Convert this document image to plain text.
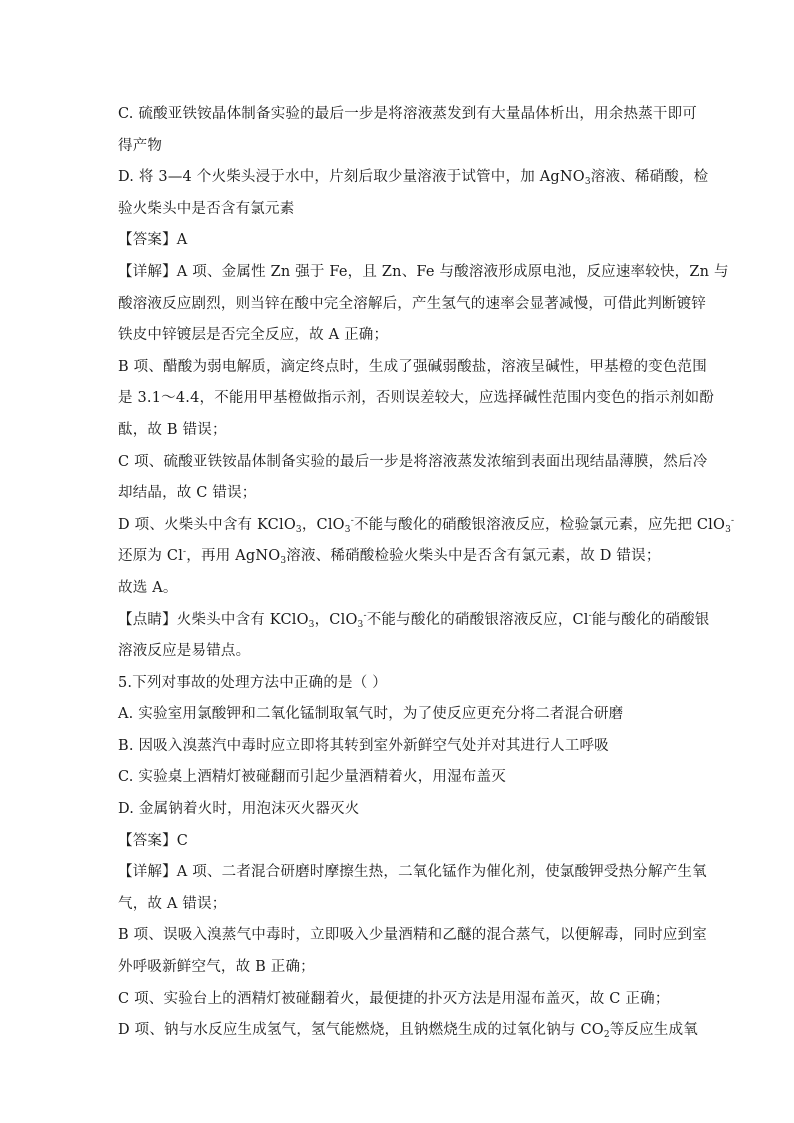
C. 硫酸亚铁铵晶体制备实验的最后一步是将溶液蒸发到有大量晶体析出，用余热蒸干即可
得产物
D. 将 3—4 个火柴头浸于水中，片刻后取少量溶液于试管中，加 AgNO$_3$溶液、稀硝酸，检
验火柴头中是否含有氯元素
【答案】A
【详解】A 项、金属性 Zn 强于 Fe，且 Zn、Fe 与酸溶液形成原电池，反应速率较快，Zn 与
酸溶液反应剧烈，则当锌在酸中完全溶解后，产生氢气的速率会显著减慢，可借此判断镀锌
铁皮中锌镀层是否完全反应，故 A 正确；
B 项、醋酸为弱电解质，滴定终点时，生成了强碱弱酸盐，溶液呈碱性，甲基橙的变色范围
是 3.1～4.4，不能用甲基橙做指示剂，否则误差较大，应选择碱性范围内变色的指示剂如酚
酞，故 B 错误；
C 项、硫酸亚铁铵晶体制备实验的最后一步是将溶液蒸发浓缩到表面出现结晶薄膜，然后冷
却结晶，故 C 错误；
D 项、火柴头中含有 KClO$_3$，ClO$_3$-不能与酸化的硝酸银溶液反应，检验氯元素，应先把 ClO$_3$-
还原为 Cl-，再用 AgNO$_3$溶液、稀硝酸检验火柴头中是否含有氯元素，故 D 错误；
故选 A。
【点睛】火柴头中含有 KClO$_3$，ClO$_3$-不能与酸化的硝酸银溶液反应，Cl-能与酸化的硝酸银
溶液反应是易错点。
5.下列对事故的处理方法中正确的是（ ）
A. 实验室用氯酸钾和二氧化锰制取氧气时，为了使反应更充分将二者混合研磨
B. 因吸入溴蒸汽中毒时应立即将其转到室外新鲜空气处并对其进行人工呼吸
C. 实验桌上酒精灯被碰翻而引起少量酒精着火，用湿布盖灭
D. 金属钠着火时，用泡沫灭火器灭火
【答案】C
【详解】A 项、二者混合研磨时摩擦生热，二氧化锰作为催化剂，使氯酸钾受热分解产生氧
气，故 A 错误；
B 项、误吸入溴蒸气中毒时，立即吸入少量酒精和乙醚的混合蒸气，以便解毒，同时应到室
外呼吸新鲜空气，故 B 正确；
C 项、实验台上的酒精灯被碰翻着火，最便捷的扑灭方法是用湿布盖灭，故 C 正确；
D 项、钠与水反应生成氢气，氢气能燃烧，且钠燃烧生成的过氧化钠与 $CO_2$等反应生成氧
